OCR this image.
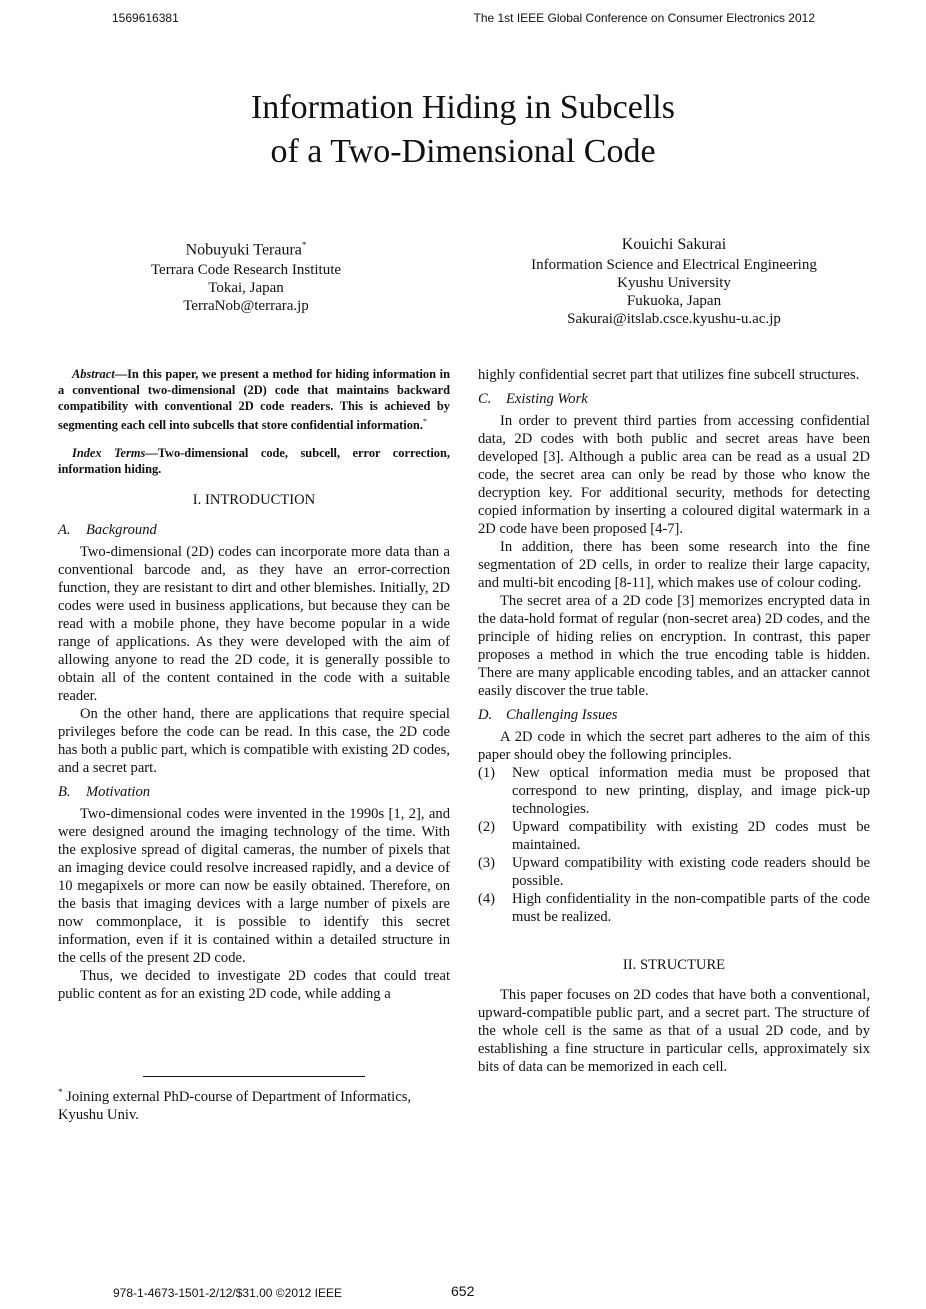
1569616381	The 1st IEEE Global Conference on Consumer Electronics 2012
Information Hiding in Subcells
of a Two-Dimensional Code
Nobuyuki Teraura*
Terrara Code Research Institute
Tokai, Japan
TerraNob@terrara.jp
Kouichi Sakurai
Information Science and Electrical Engineering
Kyushu University
Fukuoka, Japan
Sakurai@itslab.csce.kyushu-u.ac.jp

Abstract—In this paper, we present a method for hiding information in a conventional two-dimensional (2D) code that maintains backward compatibility with conventional 2D code readers. This is achieved by segmenting each cell into subcells that store confidential information.*

Index Terms—Two-dimensional code, subcell, error correction, information hiding.

I. INTRODUCTION
A. Background

Two-dimensional (2D) codes can incorporate more data than a conventional barcode and, as they have an error-correction function, they are resistant to dirt and other blemishes. Initially, 2D codes were used in business applications, but because they can be read with a mobile phone, they have become popular in a wide range of applications. As they were developed with the aim of allowing anyone to read the 2D code, it is generally possible to obtain all of the content contained in the code with a suitable reader.

On the other hand, there are applications that require special privileges before the code can be read. In this case, the 2D code has both a public part, which is compatible with existing 2D codes, and a secret part.

B. Motivation

Two-dimensional codes were invented in the 1990s [1, 2], and were designed around the imaging technology of the time. With the explosive spread of digital cameras, the number of pixels that an imaging device could resolve increased rapidly, and a device of 10 megapixels or more can now be easily obtained. Therefore, on the basis that imaging devices with a large number of pixels are now commonplace, it is possible to identify this secret information, even if it is contained within a detailed structure in the cells of the present 2D code.

Thus, we decided to investigate 2D codes that could treat public content as for an existing 2D code, while adding a

* Joining external PhD-course of Department of Informatics, Kyushu Univ.

highly confidential secret part that utilizes fine subcell structures.

C. Existing Work

In order to prevent third parties from accessing confidential data, 2D codes with both public and secret areas have been developed [3]. Although a public area can be read as a usual 2D code, the secret area can only be read by those who know the decryption key. For additional security, methods for detecting copied information by inserting a coloured digital watermark in a 2D code have been proposed [4-7].

In addition, there has been some research into the fine segmentation of 2D cells, in order to realize their large capacity, and multi-bit encoding [8-11], which makes use of colour coding.

The secret area of a 2D code [3] memorizes encrypted data in the data-hold format of regular (non-secret area) 2D codes, and the principle of hiding relies on encryption. In contrast, this paper proposes a method in which the true encoding table is hidden. There are many applicable encoding tables, and an attacker cannot easily discover the true table.

D. Challenging Issues

A 2D code in which the secret part adheres to the aim of this paper should obey the following principles.

(1) New optical information media must be proposed that correspond to new printing, display, and image pick-up technologies.

(2) Upward compatibility with existing 2D codes must be maintained.

(3) Upward compatibility with existing code readers should be possible.

(4) High confidentiality in the non-compatible parts of the code must be realized.

II. STRUCTURE

This paper focuses on 2D codes that have both a conventional, upward-compatible public part, and a secret part. The structure of the whole cell is the same as that of a usual 2D code, and by establishing a fine structure in particular cells, approximately six bits of data can be memorized in each cell.

978-1-4673-1501-2/12/$31.00 ©2012 IEEE	652
